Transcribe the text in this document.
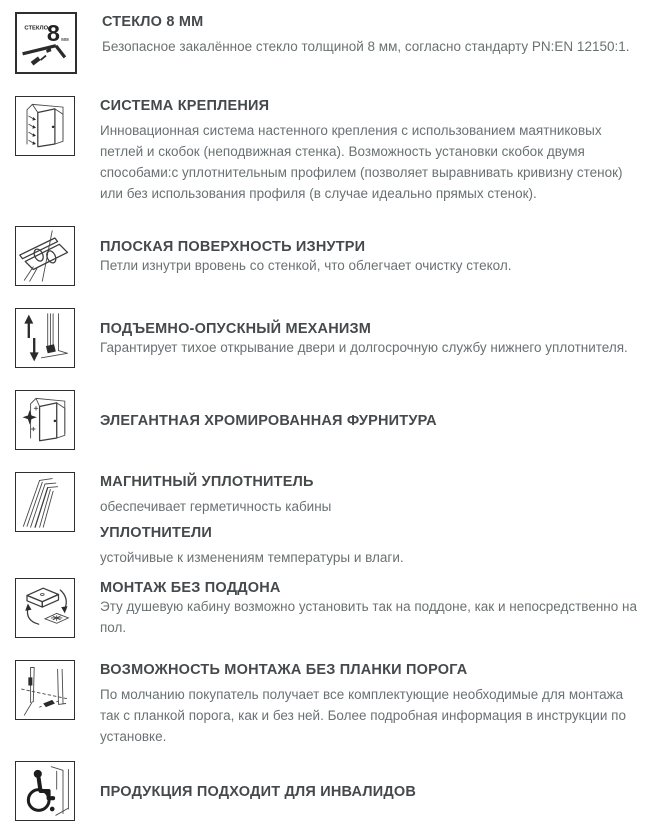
СТЕКЛО
8 мм
СТЕКЛО 8 ММ

Безопасное закалённое стекло толщиной 8 мм, согласно стандарту PN:EN 12150:1.

СИСТЕМА КРЕПЛЕНИЯ

Инновационная система настенного крепления с использованием маятниковых петлей и скобок (неподвижная стенка). Возможность установки скобок двумя способами:с уплотнительным профилем (позволяет выравнивать кривизну стенок) или без использования профиля (в случае идеально прямых стенок).

ПЛОСКАЯ ПОВЕРХНОСТЬ ИЗНУТРИ

Петли изнутри вровень со стенкой, что облегчает очистку стекол.

ПОДЪЕМНО-ОПУСКНЫЙ МЕХАНИЗМ

Гарантирует тихое открывание двери и долгосрочную службу нижнего уплотнителя.

ЭЛЕГАНТНАЯ ХРОМИРОВАННАЯ ФУРНИТУРА
МАГНИТНЫЙ УПЛОТНИТЕЛЬ

обеспечивает герметичность кабины

УПЛОТНИТЕЛИ

устойчивые к изменениям температуры и влаги.

МОНТАЖ БЕЗ ПОДДОНА

Эту душевую кабину возможно установить так на поддоне, как и непосредственно на пол.

ВОЗМОЖНОСТЬ МОНТАЖА БЕЗ ПЛАНКИ ПОРОГА

По молчанию покупатель получает все комплектующие необходимые для монтажа так с планкой порога, как и без ней. Более подробная информация в инструкции по установке.

ПРОДУКЦИЯ ПОДХОДИТ ДЛЯ ИНВАЛИДОВ
